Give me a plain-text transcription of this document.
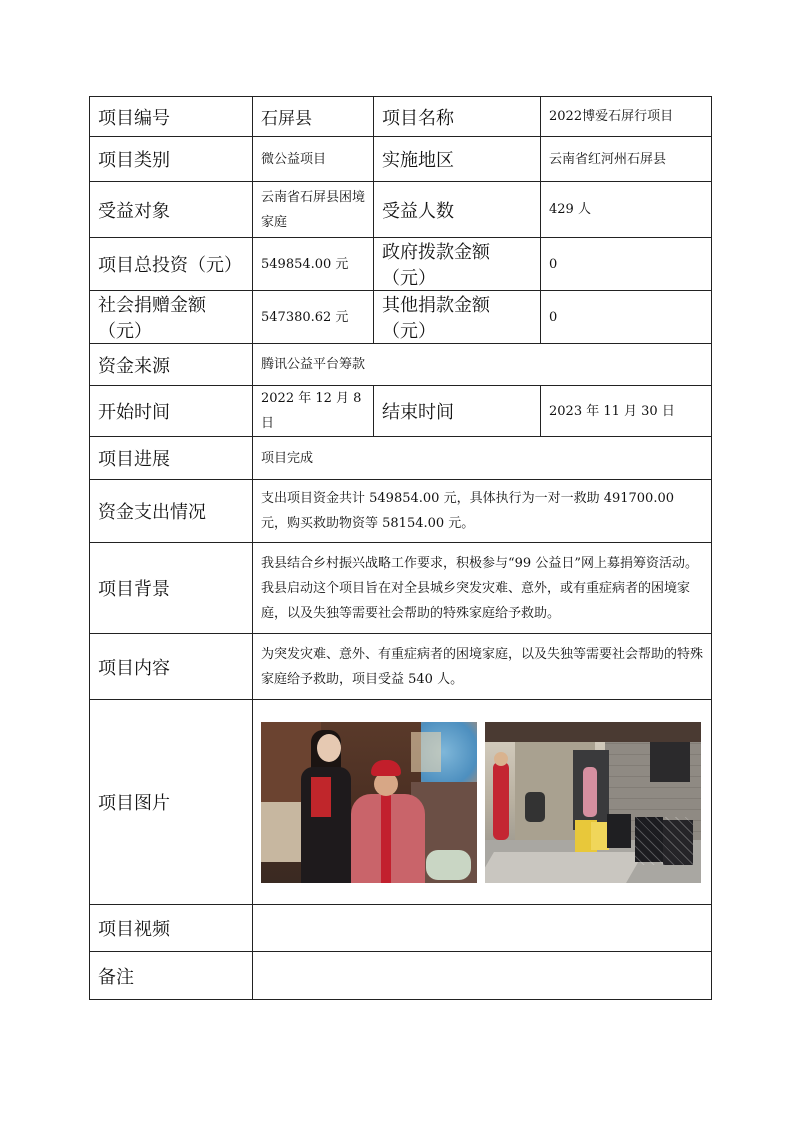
项目编号	石屏县	项目名称	2022博爱石屏行项目
项目类别	微公益项目	实施地区	云南省红河州石屏县
受益对象	云南省石屏县困境家庭	受益人数	429 人
项目总投资（元）	549854.00 元	政府拨款金额（元）	0
社会捐赠金额（元）	547380.62 元	其他捐款金额（元）	0
资金来源	腾讯公益平台筹款		
开始时间	2022 年 12 月 8 日	结束时间	2023 年 11 月 30 日
项目进展	项目完成		
资金支出情况	支出项目资金共计 549854.00 元，具体执行为一对一救助 491700.00 元，购买救助物资等 58154.00 元。		
项目背景	我县结合乡村振兴战略工作要求，积极参与“99 公益日”网上募捐筹资活动。我县启动这个项目旨在对全县城乡突发灾难、意外，或有重症病者的困境家庭，以及失独等需要社会帮助的特殊家庭给予救助。		
项目内容	为突发灾难、意外、有重症病者的困境家庭，以及失独等需要社会帮助的特殊家庭给予救助，项目受益 540 人。		
项目图片			

项目视频			
备注			
